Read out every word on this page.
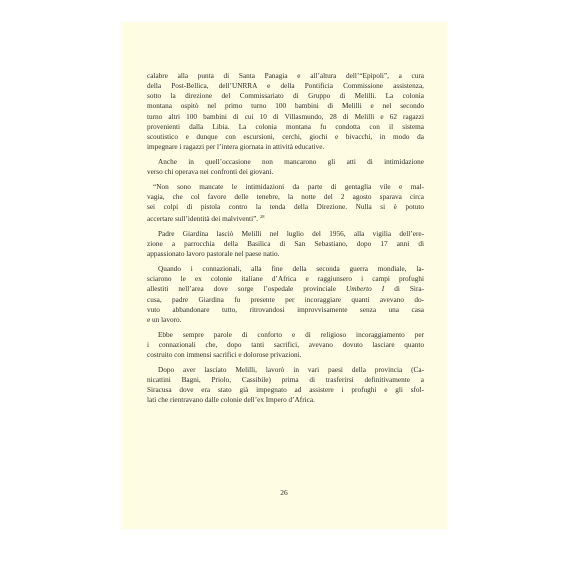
calabre alla punta di Santa Panagia e all’altura dell’“Epipoli”, a cura
della Post-Bellica, dell’UNRRA e della Pontificia Commissione assistenza,
sotto la direzione del Commissariato di Gruppo di Melilli. La colonia
montana ospitò nel primo turno 100 bambini di Melilli e nel secondo
turno altri 100 bambini di cui 10 di Villasmundo, 28 di Melilli e 62 ragazzi
provenienti dalla Libia. La colonia montana fu condotta con il sistema
scoutistico e dunque con escursioni, cerchi, giochi e bivacchi, in modo da
impegnare i ragazzi per l’intera giornata in attività educative.

Anche in quell’occasione non mancarono gli atti di intimidazione
verso chi operava nei confronti dei giovani.

“Non sono mancate le intimidazioni da parte di gentaglia vile e mal-
vagia, che col favore delle tenebre, la notte del 2 agosto sparava circa
sei colpi di pistola contro la tenda della Direzione. Nulla si è potuto
accertare sull’identità dei malviventi”. $^{28}$

Padre Giardina lasciò Melilli nel luglio del 1956, alla vigilia dell’ere-
zione a parrocchia della Basilica di San Sebastiano, dopo 17 anni di
appassionato lavoro pastorale nel paese natio.

Quando i connazionali, alla fine della seconda guerra mondiale, la-
sciarono le ex colonie italiane d’Africa e raggiunsero i campi profughi
allestiti nell’area dove sorge l’ospedale provinciale Umberto I di Sira-
cusa, padre Giardina fu presente per incoraggiare quanti avevano do-
vuto abbandonare tutto, ritrovandosi improvvisamente senza una casa
e un lavoro.

Ebbe sempre parole di conforto e di religioso incoraggiamento per
i connazionali che, dopo tanti sacrifici, avevano dovuto lasciare quanto
costruito con immensi sacrifici e dolorose privazioni.

Dopo aver lasciato Melilli, lavorò in vari paesi della provincia (Ca-
nicattini Bagni, Priolo, Cassibile) prima di trasferirsi definitivamente a
Siracusa dove era stato già impegnato ad assistere i profughi e gli sfol-
lati che rientravano dalle colonie dell’ex Impero d’Africa.

26
